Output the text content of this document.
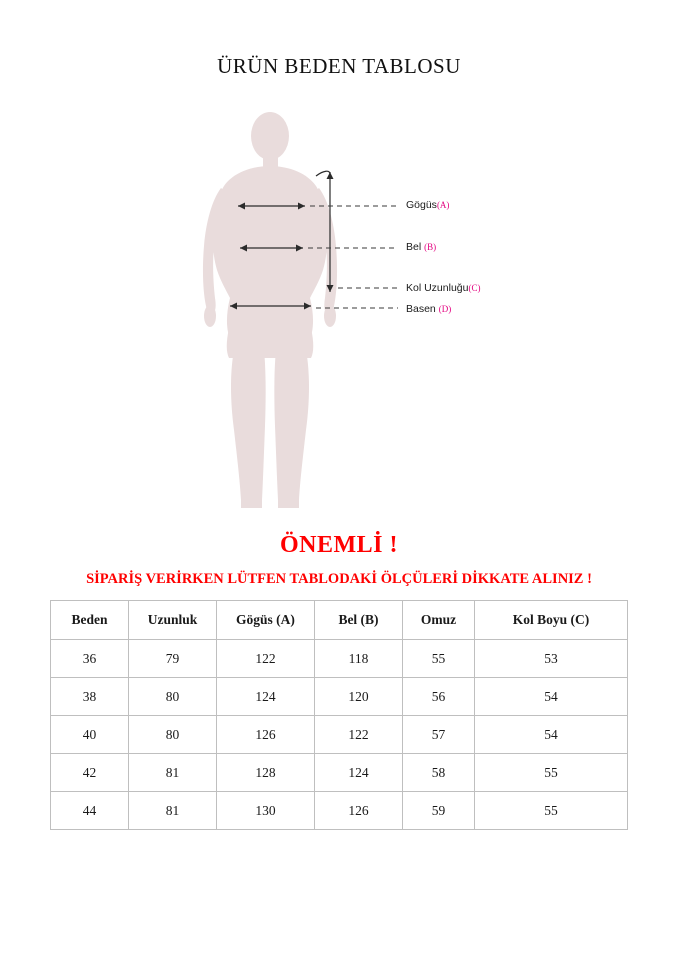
ÜRÜN BEDEN TABLOSU
Gögüs(A)
Bel (B)
Kol Uzunluğu(C)
Basen (D)
ÖNEMLİ !
SİPARİŞ VERİRKEN LÜTFEN TABLODAKİ ÖLÇÜLERİ DİKKATE ALINIZ !
Beden	Uzunluk	Gögüs (A)	Bel (B)	Omuz	Kol Boyu (C)
36	79	122	118	55	53
38	80	124	120	56	54
40	80	126	122	57	54
42	81	128	124	58	55
44	81	130	126	59	55
